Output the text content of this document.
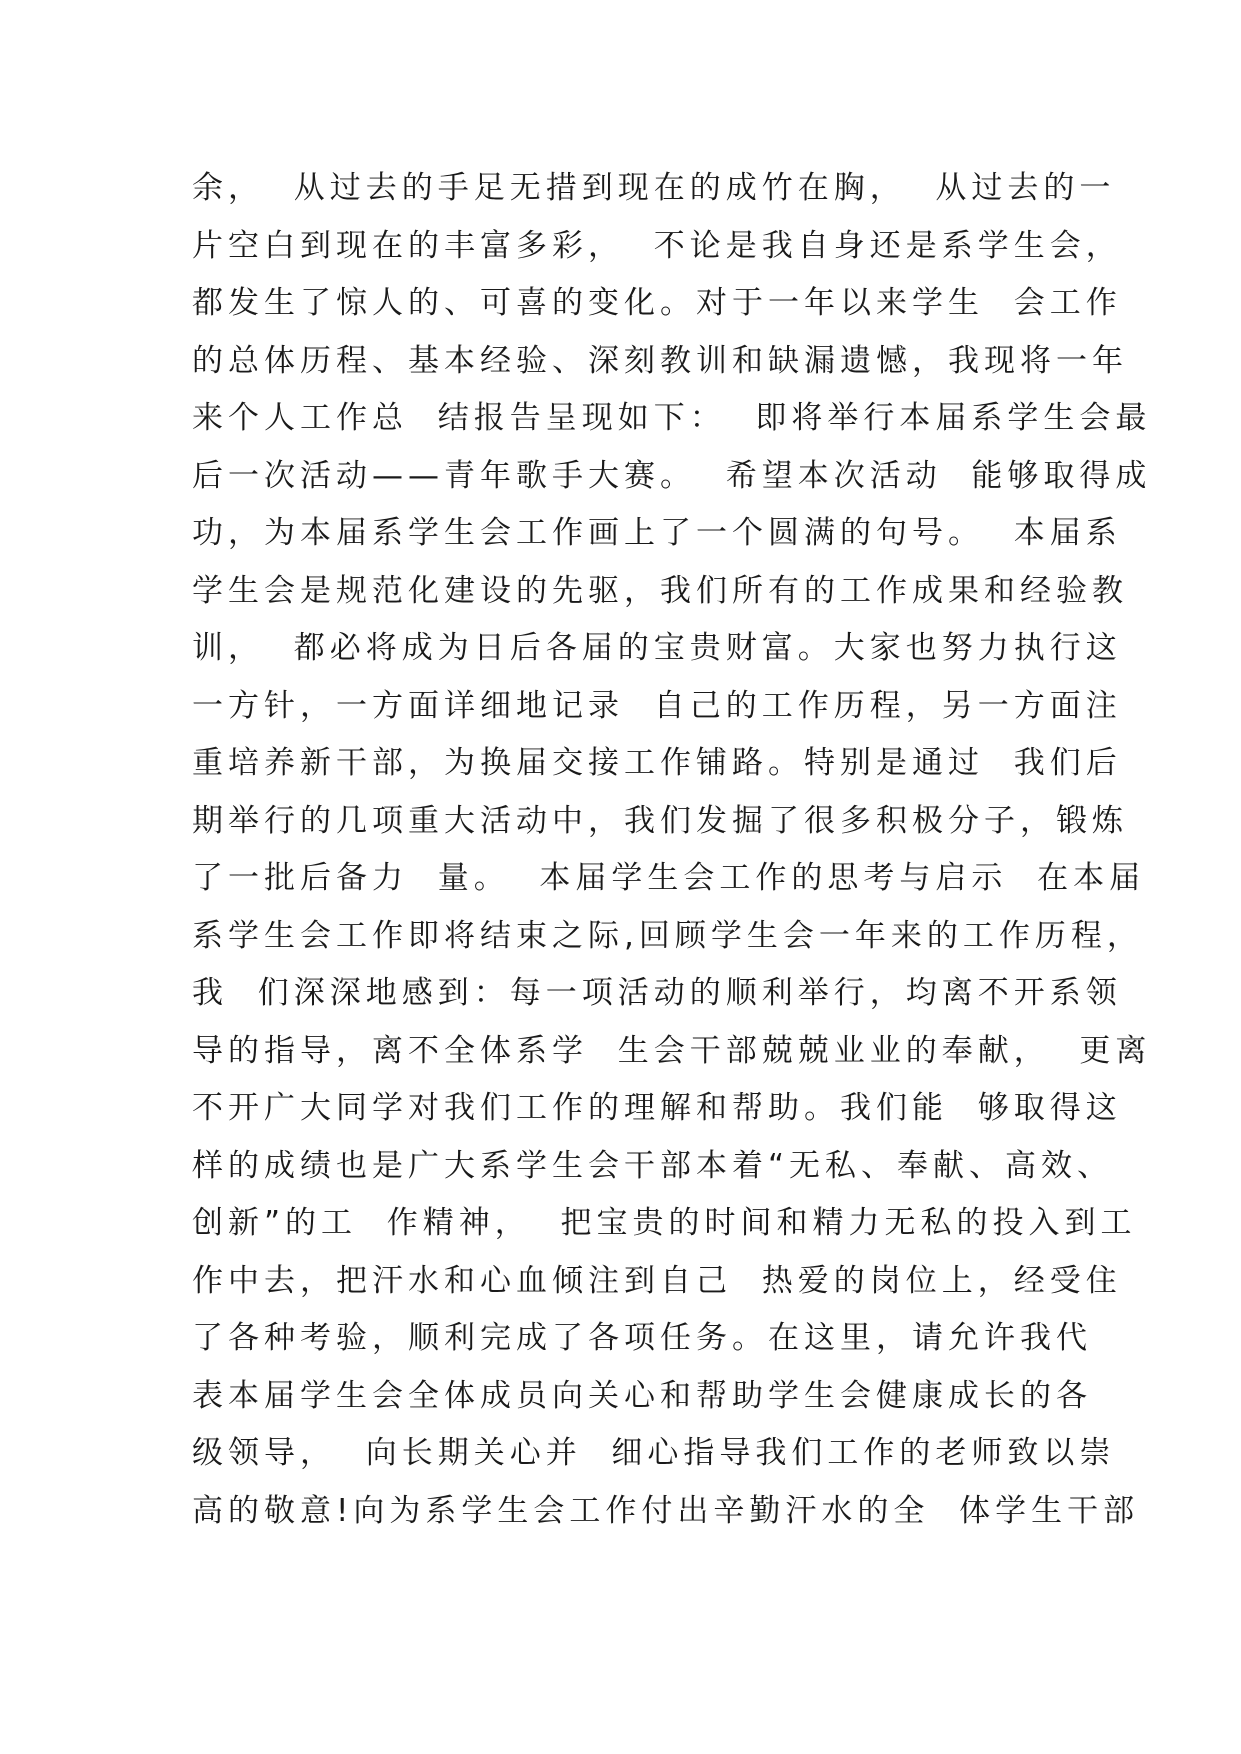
余，  从过去的手足无措到现在的成竹在胸，  从过去的一
片空白到现在的丰富多彩，  不论是我自身还是系学生会，
都发生了惊人的、可喜的变化。对于一年以来学生  会工作
的总体历程、基本经验、深刻教训和缺漏遗憾，我现将一年
来个人工作总  结报告呈现如下：  即将举行本届系学生会最
后一次活动——青年歌手大赛。  希望本次活动  能够取得成
功，为本届系学生会工作画上了一个圆满的句号。  本届系
学生会是规范化建设的先驱，我们所有的工作成果和经验教
训，  都必将成为日后各届的宝贵财富。大家也努力执行这
一方针，一方面详细地记录  自己的工作历程，另一方面注
重培养新干部，为换届交接工作铺路。特别是通过  我们后
期举行的几项重大活动中，我们发掘了很多积极分子，锻炼
了一批后备力  量。  本届学生会工作的思考与启示  在本届
系学生会工作即将结束之际,回顾学生会一年来的工作历程，
我  们深深地感到：每一项活动的顺利举行，均离不开系领
导的指导，离不全体系学  生会干部兢兢业业的奉献，  更离
不开广大同学对我们工作的理解和帮助。我们能  够取得这
样的成绩也是广大系学生会干部本着“无私、奉献、高效、
创新”的工  作精神，  把宝贵的时间和精力无私的投入到工
作中去，把汗水和心血倾注到自己  热爱的岗位上，经受住
了各种考验，顺利完成了各项任务。在这里，请允许我代
表本届学生会全体成员向关心和帮助学生会健康成长的各
级领导，  向长期关心并  细心指导我们工作的老师致以崇
高的敬意!向为系学生会工作付出辛勤汗水的全  体学生干部
